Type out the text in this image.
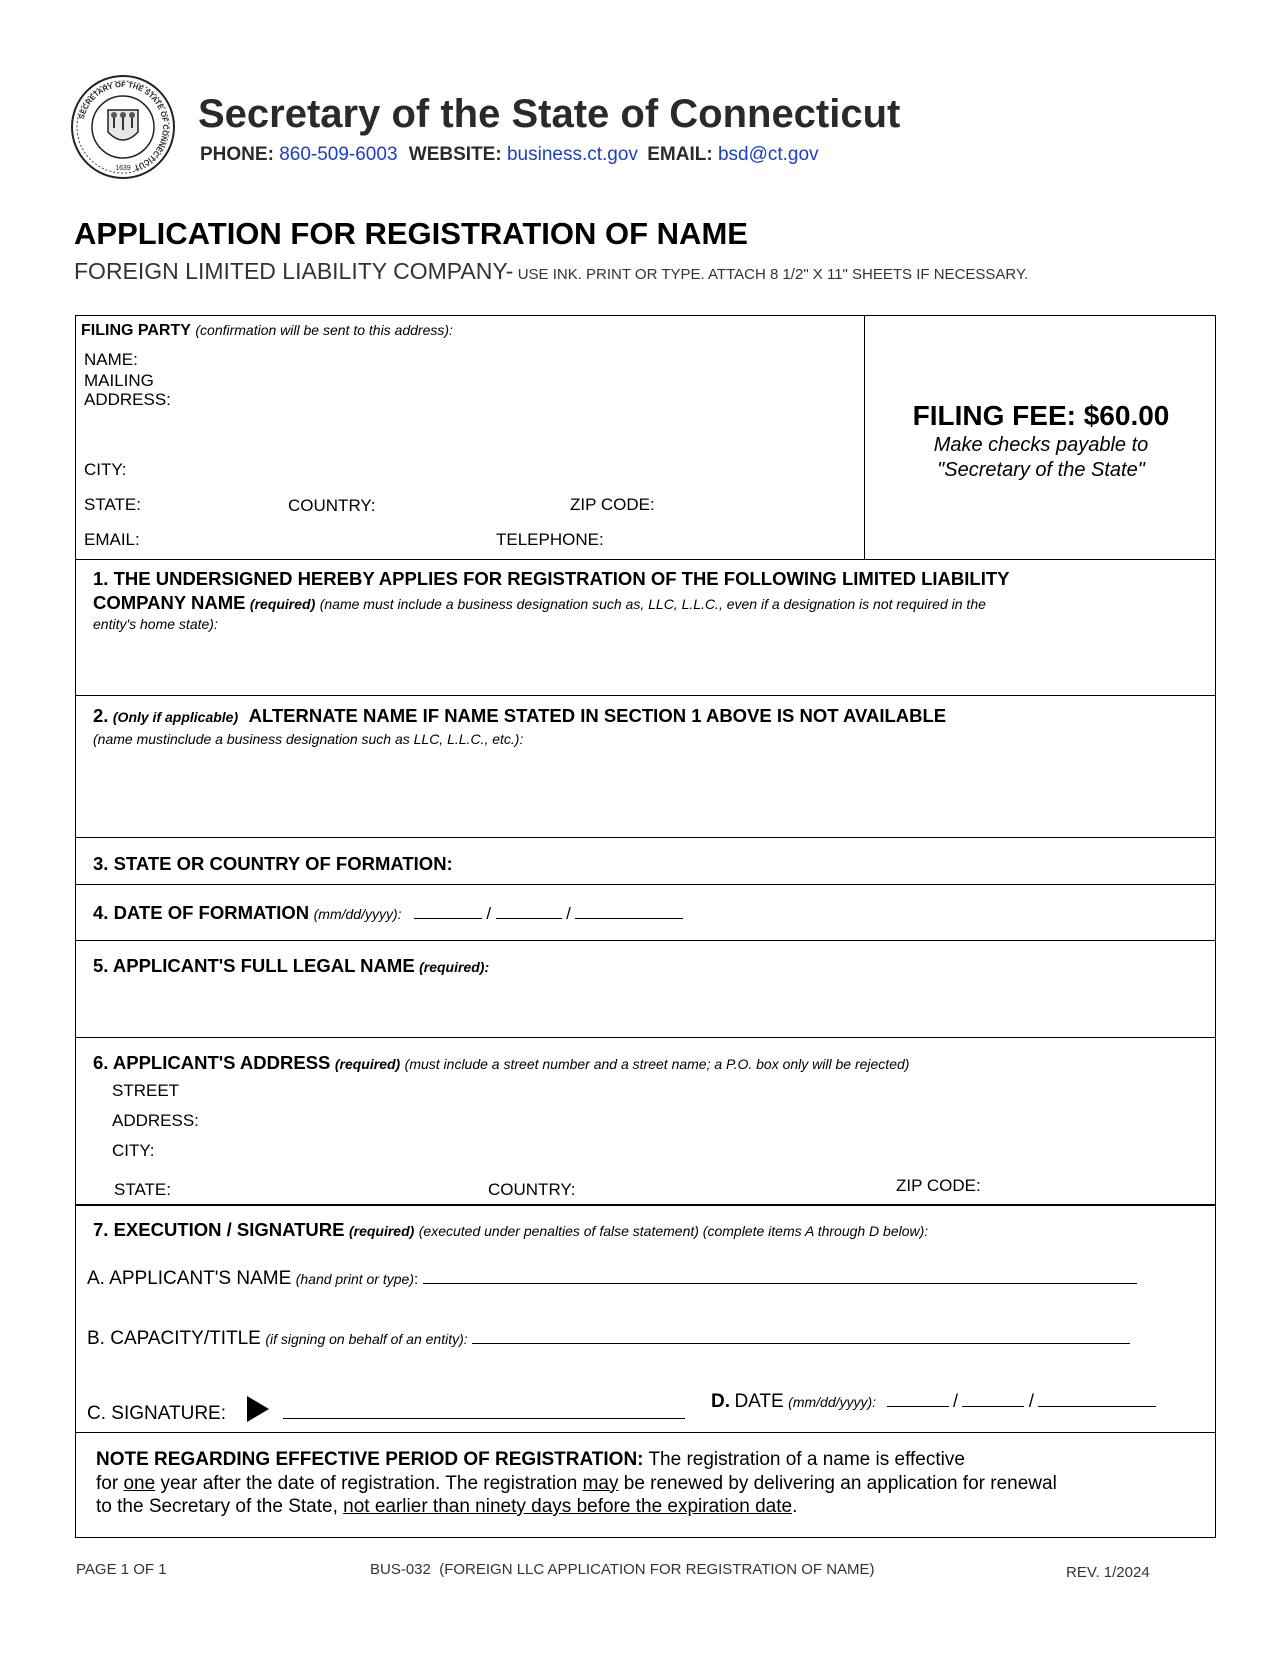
SECRETARY OF THE STATE OF CONNECTICUT
1639
Secretary of the State of Connecticut
PHONE: 860-509-6003 WEBSITE: business.ct.gov EMAIL: bsd@ct.gov
APPLICATION FOR REGISTRATION OF NAME
FOREIGN LIMITED LIABILITY COMPANY- USE INK. PRINT OR TYPE. ATTACH 8 1/2" X 11" SHEETS IF NECESSARY.
FILING PARTY (confirmation will be sent to this address):
NAME:
MAILING
ADDRESS:
CITY:
STATE:	COUNTRY:	ZIP CODE:
EMAIL:	TELEPHONE:
FILING FEE: $60.00
Make checks payable to
"Secretary of the State"
1. THE UNDERSIGNED HEREBY APPLIES FOR REGISTRATION OF THE FOLLOWING LIMITED LIABILITY
COMPANY NAME (required) (name must include a business designation such as, LLC, L.L.C., even if a designation is not required in the
entity's home state):
2. (Only if applicable) ALTERNATE NAME IF NAME STATED IN SECTION 1 ABOVE IS NOT AVAILABLE
(name mustinclude a business designation such as LLC, L.L.C., etc.):
3. STATE OR COUNTRY OF FORMATION:
4. DATE OF FORMATION (mm/dd/yyyy):	/	/
5. APPLICANT'S FULL LEGAL NAME (required):
6. APPLICANT'S ADDRESS (required) (must include a street number and a street name; a P.O. box only will be rejected)
STREET
ADDRESS:
CITY:
STATE:	COUNTRY:	ZIP CODE:
7. EXECUTION / SIGNATURE (required) (executed under penalties of false statement) (complete items A through D below):
A. APPLICANT'S NAME (hand print or type):
B. CAPACITY/TITLE (if signing on behalf of an entity):
C. SIGNATURE:
D. DATE (mm/dd/yyyy):	/	/
NOTE REGARDING EFFECTIVE PERIOD OF REGISTRATION: The registration of a name is effective
for one year after the date of registration. The registration may be renewed by delivering an application for renewal
to the Secretary of the State, not earlier than ninety days before the expiration date.
PAGE 1 OF 1	BUS-032  (FOREIGN LLC APPLICATION FOR REGISTRATION OF NAME)	REV. 1/2024
